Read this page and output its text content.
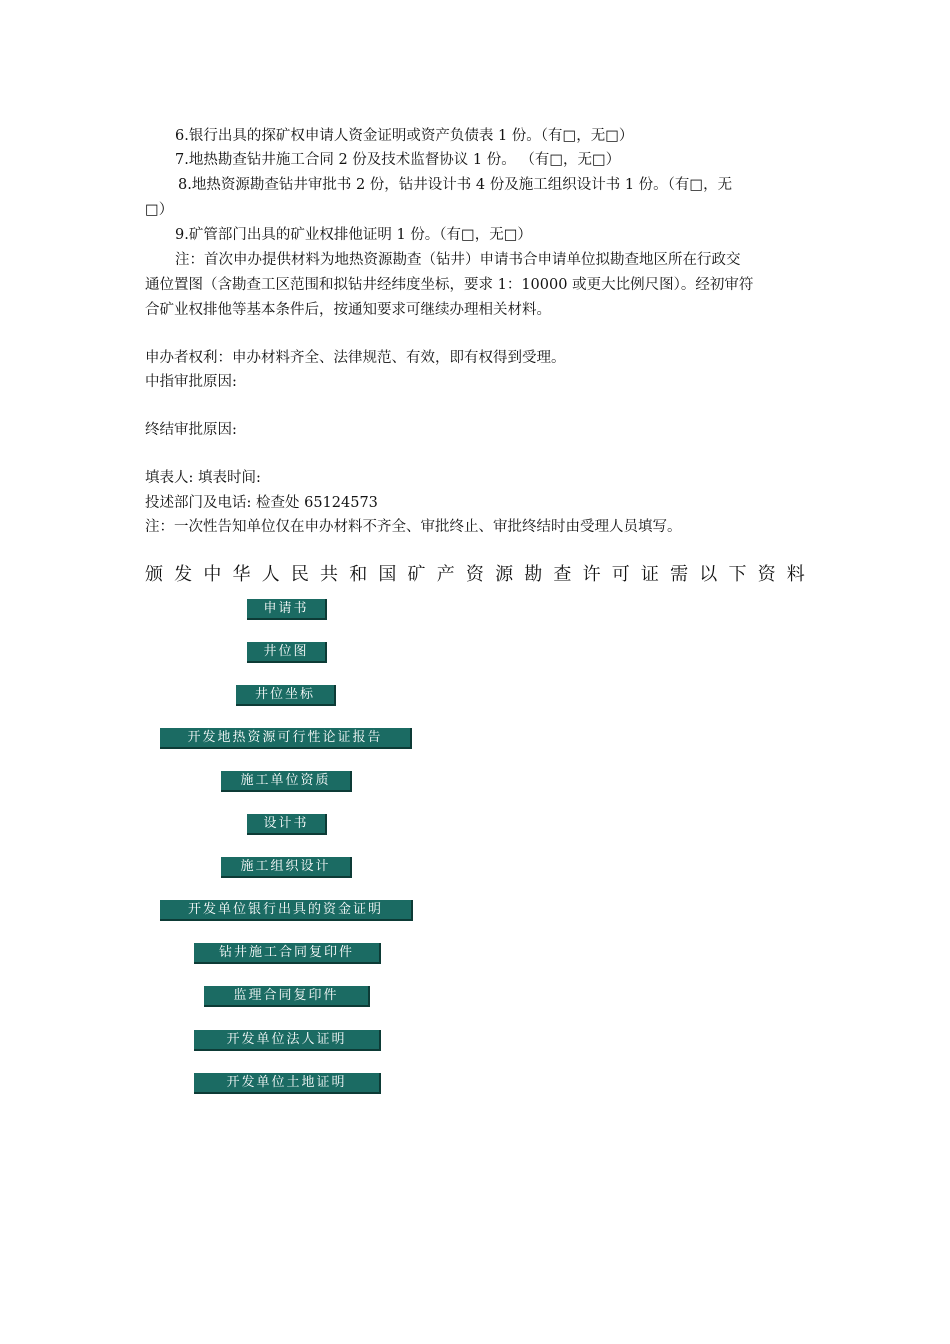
6.银行出具的探矿权申请人资金证明或资产负债表 1 份。（有□，无□）
7.地热勘查钻井施工合同 2 份及技术监督协议 1 份。 （有□，无□）
8.地热资源勘查钻井审批书 2 份，钻井设计书 4 份及施工组织设计书 1 份。（有□，无
□）
9.矿管部门出具的矿业权排他证明 1 份。（有□，无□）
注：首次申办提供材料为地热资源勘查（钻井）申请书合申请单位拟勘查地区所在行政交
通位置图（含勘查工区范围和拟钻井经纬度坐标，要求 1：10000 或更大比例尺图）。经初审符
合矿业权排他等基本条件后，按通知要求可继续办理相关材料。
申办者权利：申办材料齐全、法律规范、有效，即有权得到受理。
中指审批原因:
终结审批原因:
填表人: 填表时间:
投述部门及电话: 检查处 65124573
注：一次性告知单位仅在申办材料不齐全、审批终止、审批终结时由受理人员填写。
颁 发 中 华 人 民 共 和 国 矿 产 资 源 勘 查 许 可 证 需 以 下 资 料
申请书
井位图
井位坐标
开发地热资源可行性论证报告
施工单位资质
设计书
施工组织设计
开发单位银行出具的资金证明
钻井施工合同复印件
监理合同复印件
开发单位法人证明
开发单位土地证明
